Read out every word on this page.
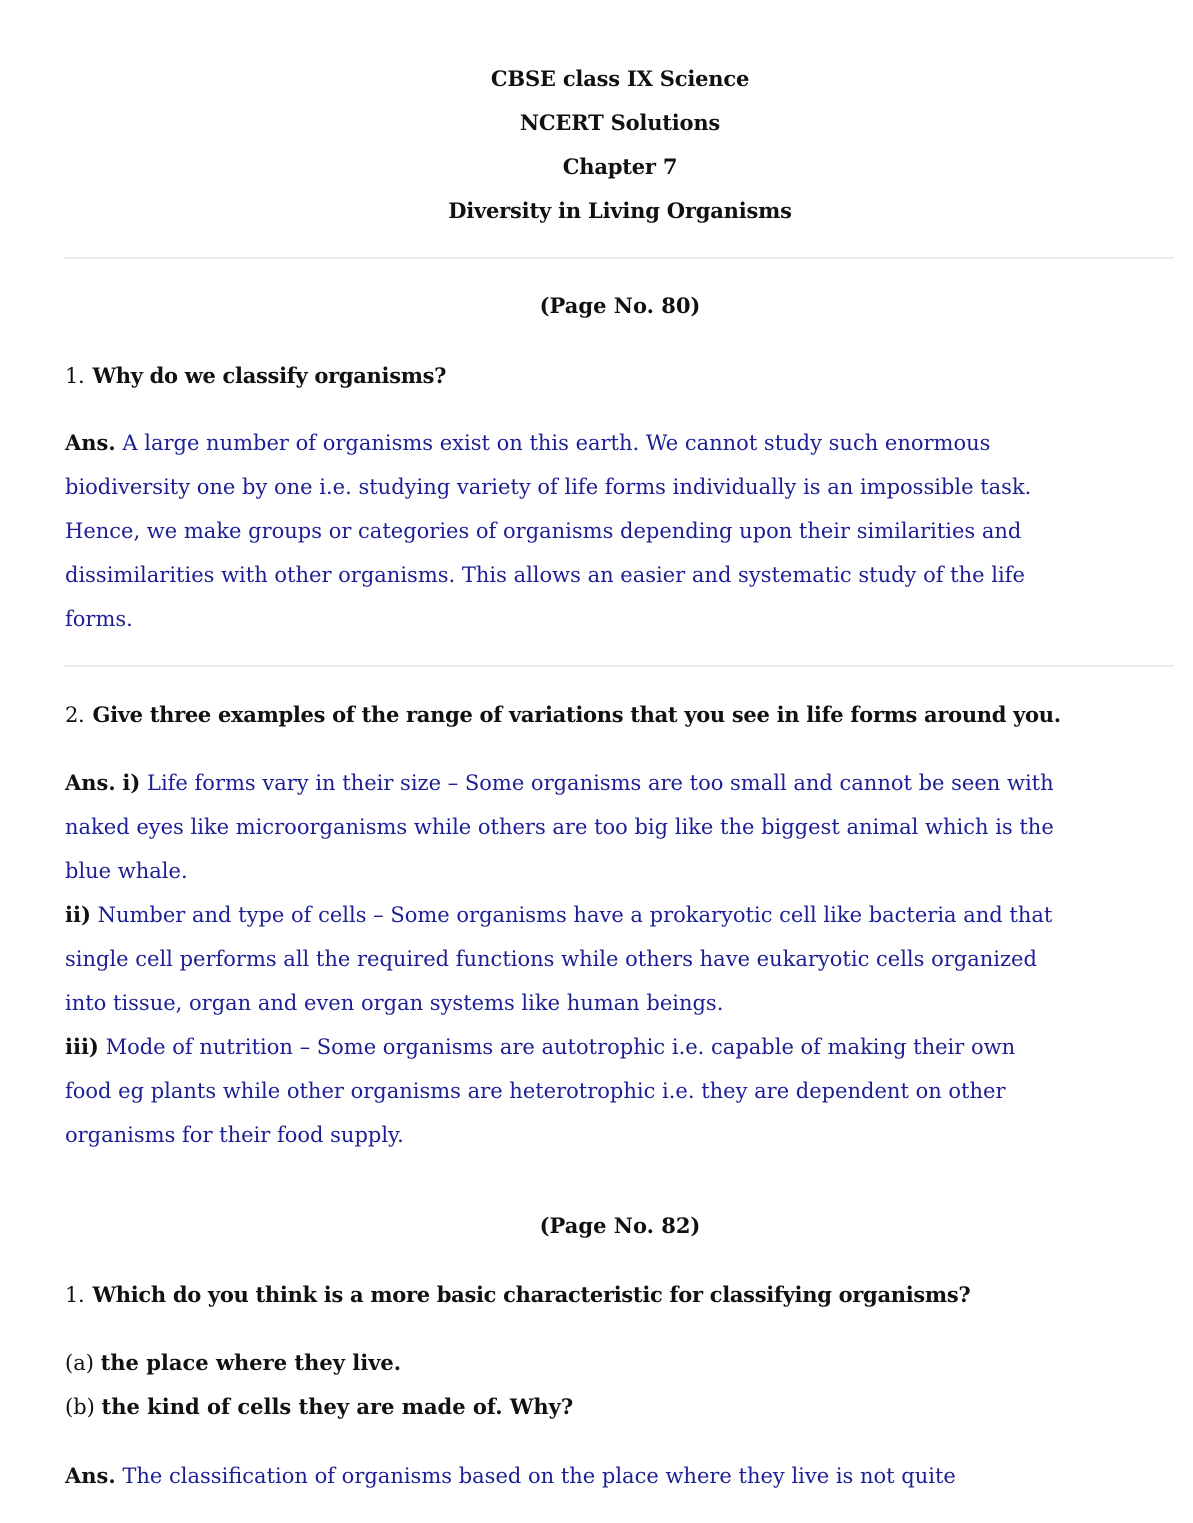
CBSE class IX Science
NCERT Solutions
Chapter 7
Diversity in Living Organisms
(Page No. 80)
1. Why do we classify organisms?
Ans. A large number of organisms exist on this earth. We cannot study such enormous
biodiversity one by one i.e. studying variety of life forms individually is an impossible task.
Hence, we make groups or categories of organisms depending upon their similarities and
dissimilarities with other organisms. This allows an easier and systematic study of the life
forms.
2. Give three examples of the range of variations that you see in life forms around you.
Ans. i) Life forms vary in their size – Some organisms are too small and cannot be seen with
naked eyes like microorganisms while others are too big like the biggest animal which is the
blue whale.
ii) Number and type of cells – Some organisms have a prokaryotic cell like bacteria and that
single cell performs all the required functions while others have eukaryotic cells organized
into tissue, organ and even organ systems like human beings.
iii) Mode of nutrition – Some organisms are autotrophic i.e. capable of making their own
food eg plants while other organisms are heterotrophic i.e. they are dependent on other
organisms for their food supply.
(Page No. 82)
1. Which do you think is a more basic characteristic for classifying organisms?
(a) the place where they live.
(b) the kind of cells they are made of. Why?
Ans. The classification of organisms based on the place where they live is not quite
